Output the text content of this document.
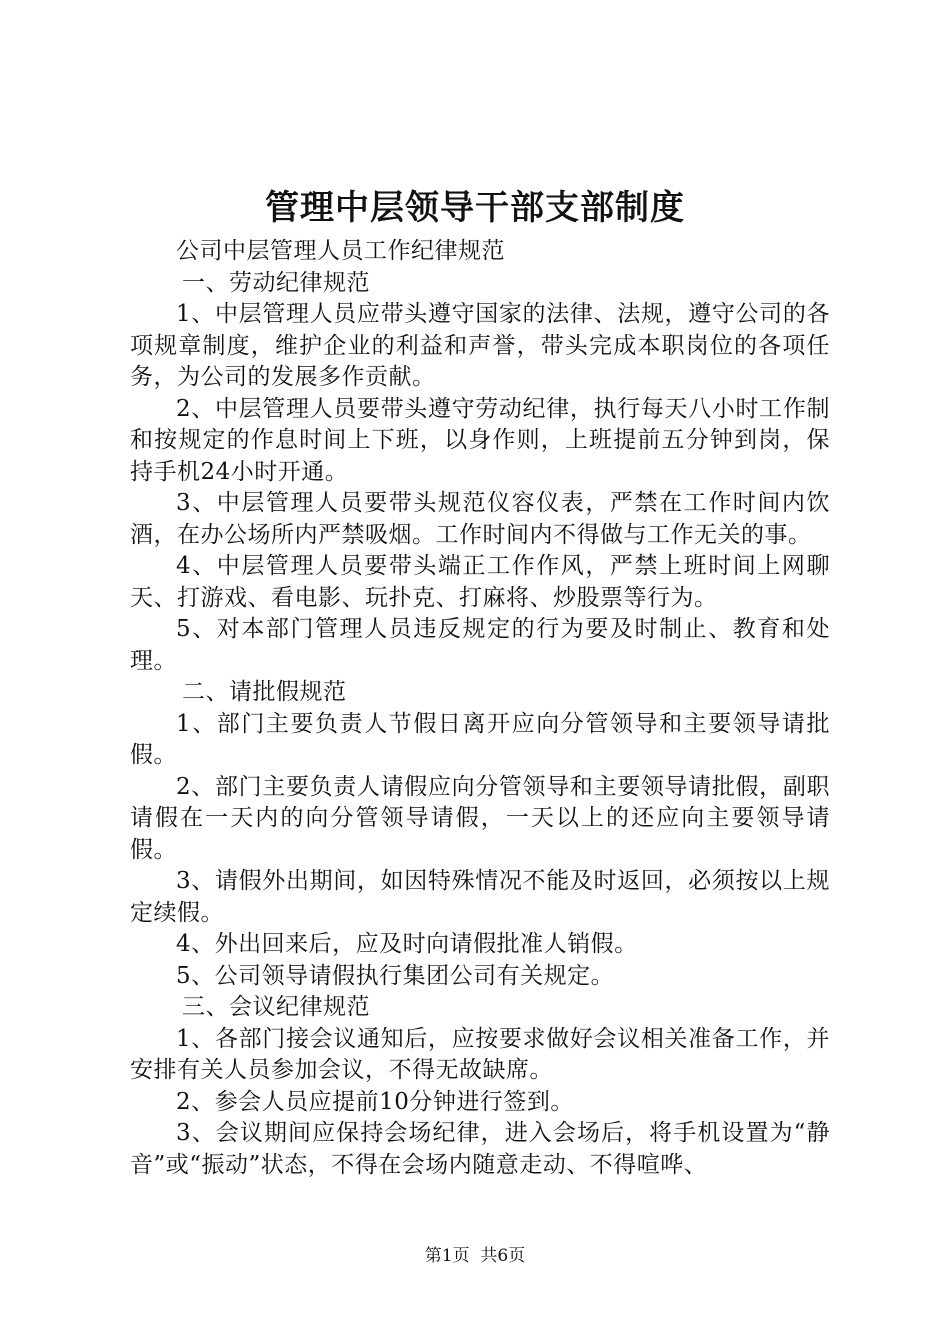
管理中层领导干部支部制度

公司中层管理人员工作纪律规范

一、劳动纪律规范

1、中层管理人员应带头遵守国家的法律、法规，遵守公司的各项规章制度，维护企业的利益和声誉，带头完成本职岗位的各项任务，为公司的发展多作贡献。

2、中层管理人员要带头遵守劳动纪律，执行每天八小时工作制和按规定的作息时间上下班，以身作则，上班提前五分钟到岗，保持手机24小时开通。

3、中层管理人员要带头规范仪容仪表，严禁在工作时间内饮酒，在办公场所内严禁吸烟。工作时间内不得做与工作无关的事。

4、中层管理人员要带头端正工作作风，严禁上班时间上网聊天、打游戏、看电影、玩扑克、打麻将、炒股票等行为。

5、对本部门管理人员违反规定的行为要及时制止、教育和处理。

二、请批假规范

1、部门主要负责人节假日离开应向分管领导和主要领导请批假。

2、部门主要负责人请假应向分管领导和主要领导请批假，副职请假在一天内的向分管领导请假，一天以上的还应向主要领导请假。

3、请假外出期间，如因特殊情况不能及时返回，必须按以上规定续假。

4、外出回来后，应及时向请假批准人销假。

5、公司领导请假执行集团公司有关规定。

三、会议纪律规范

1、各部门接会议通知后，应按要求做好会议相关准备工作，并安排有关人员参加会议，不得无故缺席。

2、参会人员应提前10分钟进行签到。

3、会议期间应保持会场纪律，进入会场后，将手机设置为“静音”或“振动”状态，不得在会场内随意走动、不得喧哗、

第1页  共6页
